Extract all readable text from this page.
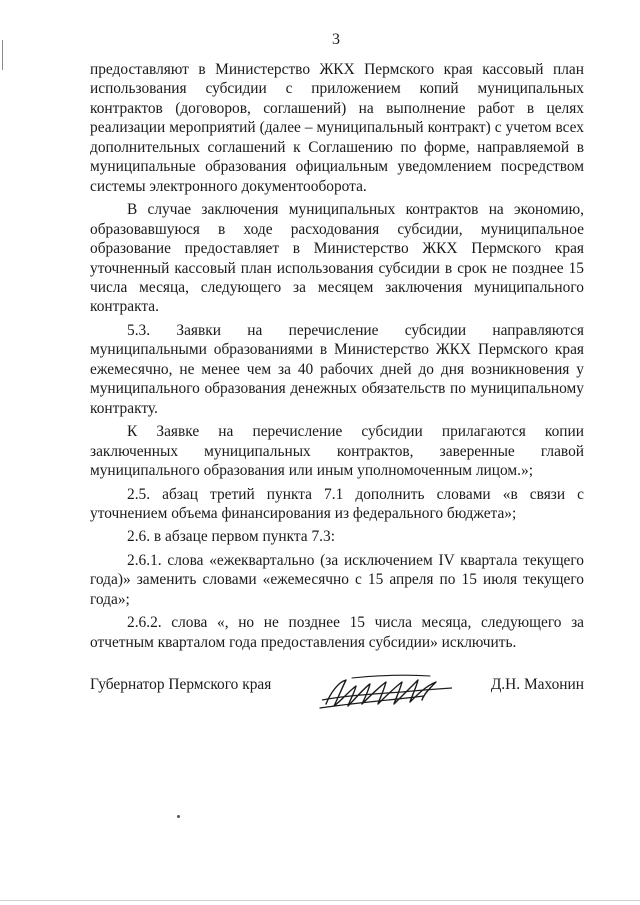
3

предоставляют в Министерство ЖКХ Пермского края кассовый план использования субсидии с приложением копий муниципальных контрактов (договоров, соглашений) на выполнение работ в целях реализации мероприятий (далее – муниципальный контракт) с учетом всех дополнительных соглашений к Соглашению по форме, направляемой в муниципальные образования официальным уведомлением посредством системы электронного документооборота.

В случае заключения муниципальных контрактов на экономию, образовавшуюся в ходе расходования субсидии, муниципальное образование предоставляет в Министерство ЖКХ Пермского края уточненный кассовый план использования субсидии в срок не позднее 15 числа месяца, следующего за месяцем заключения муниципального контракта.

5.3. Заявки на перечисление субсидии направляются муниципальными образованиями в Министерство ЖКХ Пермского края ежемесячно, не менее чем за 40 рабочих дней до дня возникновения у муниципального образования денежных обязательств по муниципальному контракту.

К Заявке на перечисление субсидии прилагаются копии заключенных муниципальных контрактов, заверенные главой муниципального образования или иным уполномоченным лицом.»;

2.5. абзац третий пункта 7.1 дополнить словами «в связи с уточнением объема финансирования из федерального бюджета»;

2.6. в абзаце первом пункта 7.3:

2.6.1. слова «ежеквартально (за исключением IV квартала текущего года)» заменить словами «ежемесячно с 15 апреля по 15 июля текущего года»;

2.6.2. слова «, но не позднее 15 числа месяца, следующего за отчетным кварталом года предоставления субсидии» исключить.

Губернатор Пермского края	Д.Н. Махонин
